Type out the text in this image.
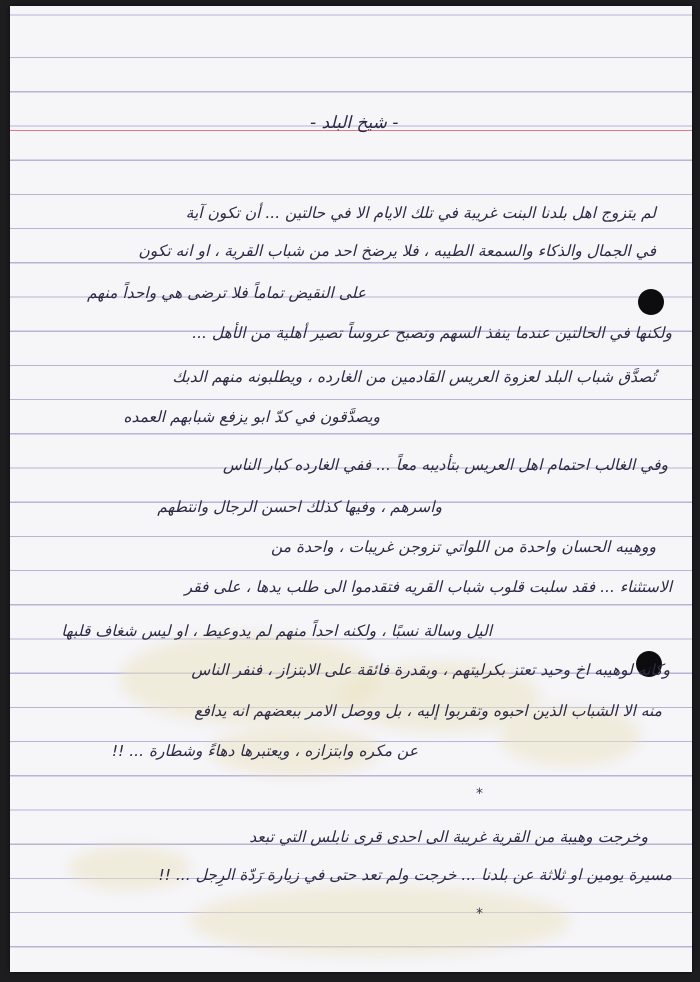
- شيخ البلد -
لم يتزوج اهل بلدنا البنت غريبة في تلك الايام الا في حالتين ... أن تكون آية
في الجمال والذكاء والسمعة الطيبه ، فلا يرضخ احد من شباب القرية ، او انه تكون
على النقيض تماماً فلا ترضى هي واحداً منهم
ولكنها في الحالتين عندما ينفذ السهم وتصبح عروساً تصير أهلية من الأهل ...
تُصدَّق شباب البلد لعزوة العريس القادمين من الغارده ، ويطلبونه منهم الدبك
ويصدَّقون في كدّ ابو يزفع شبابهم العمده
وفي الغالب احتمام اهل العريس بتأديبه معاً ... ففي الغارده كبار الناس
واسرهم ، وفيها كذلك احسن الرجال وانتطهم
ووهيبه الحسان واحدة من اللواتي تزوجن غريبات ، واحدة من
الاستثناء ... فقد سلبت قلوب شباب القريه فتقدموا الى طلب يدها ، على فقر
اليل وسالة نسبًا ، ولكنه احداً منهم لم يدوعيط ، او ليس شغاف قلبها
وكانه لوهيبه اخ وحيد تعتز بكرليتهم ، وبقدرة فائقة على الابتزاز ، فنفر الناس
منه الا الشباب الذين احبوه وتقربوا إليه ، بل ووصل الامر ببعضهم انه يدافع
عن مكره وابتزازه ، ويعتبرها دهاءً وشطارة ... !!
*
وخرجت وهيبة من القرية غريبة الى احدى قرى نابلس التي تبعد
مسيرة يومين او ثلاثة عن بلدنا ... خرجت ولم تعد حتى في زيارة رَدّة الرِجل ... !!
*
